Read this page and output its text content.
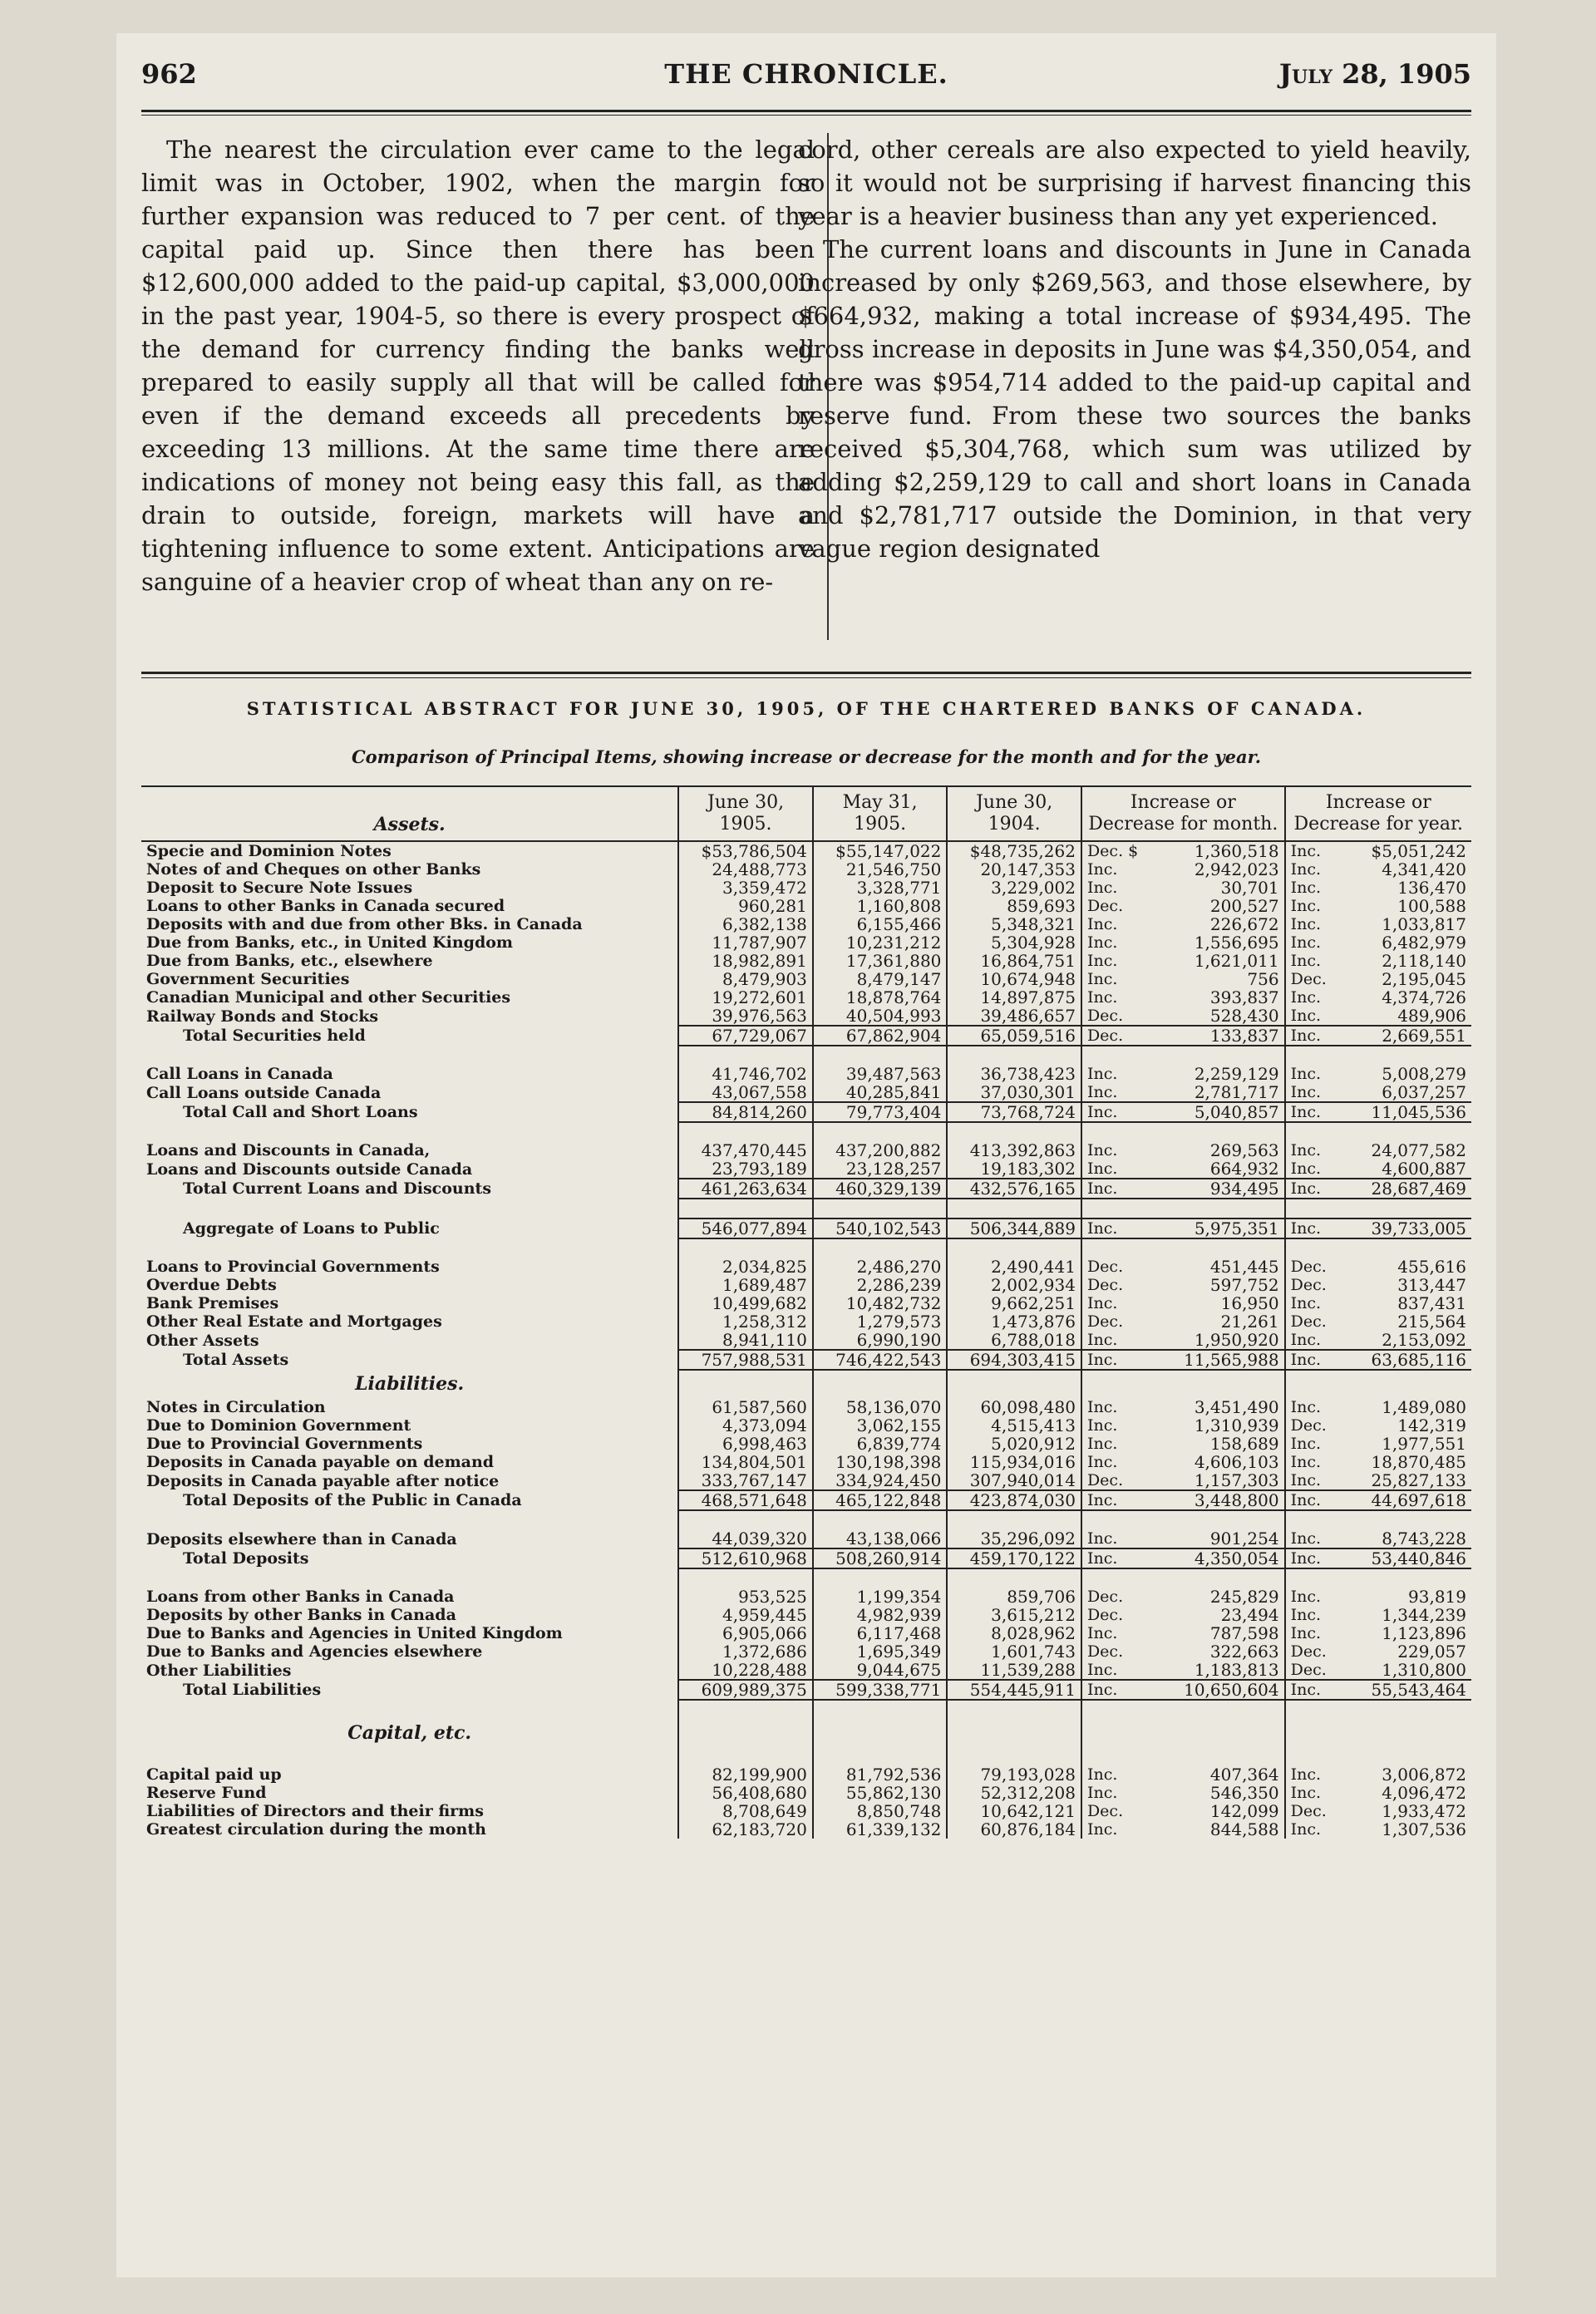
962	THE CHRONICLE.	July 28, 1905

The nearest the circulation ever came to the legal limit was in October, 1902, when the margin for further expansion was reduced to 7 per cent. of the capital paid up. Since then there has been $12,600,000 added to the paid-up capital, $3,000,000 in the past year, 1904-5, so there is every prospect of the demand for currency finding the banks well prepared to easily supply all that will be called for even if the demand exceeds all precedents by exceeding 13 millions. At the same time there are indications of money not being easy this fall, as the drain to outside, foreign, markets will have a tightening influence to some extent. Anticipations are sanguine of a heavier crop of wheat than any on re-

cord, other cereals are also expected to yield heavily, so it would not be surprising if harvest financing this year is a heavier business than any yet experienced.

The current loans and discounts in June in Canada increased by only $269,563, and those elsewhere, by $664,932, making a total increase of $934,495. The gross increase in deposits in June was $4,350,054, and there was $954,714 added to the paid-up capital and reserve fund. From these two sources the banks received $5,304,768, which sum was utilized by adding $2,259,129 to call and short loans in Canada and $2,781,717 outside the Dominion, in that very vague region designated

STATISTICAL ABSTRACT FOR JUNE 30, 1905, OF THE CHARTERED BANKS OF CANADA.
Comparison of Principal Items, showing increase or decrease for the month and for the year.
Assets.	June 30, 1905.	May 31, 1905.	June 30, 1904.	Increase or Decrease for month.		Increase or Decrease for year.	
Specie and Dominion Notes	$53,786,504	$55,147,022	$48,735,262	Dec. $	1,360,518	Inc.	$5,051,242
Notes of and Cheques on other Banks	24,488,773	21,546,750	20,147,353	Inc.	2,942,023	Inc.	4,341,420
Deposit to Secure Note Issues	3,359,472	3,328,771	3,229,002	Inc.	30,701	Inc.	136,470
Loans to other Banks in Canada secured	960,281	1,160,808	859,693	Dec.	200,527	Inc.	100,588
Deposits with and due from other Bks. in Canada	6,382,138	6,155,466	5,348,321	Inc.	226,672	Inc.	1,033,817
Due from Banks, etc., in United Kingdom	11,787,907	10,231,212	5,304,928	Inc.	1,556,695	Inc.	6,482,979
Due from Banks, etc., elsewhere	18,982,891	17,361,880	16,864,751	Inc.	1,621,011	Inc.	2,118,140
Government Securities	8,479,903	8,479,147	10,674,948	Inc.	756	Dec.	2,195,045
Canadian Municipal and other Securities	19,272,601	18,878,764	14,897,875	Inc.	393,837	Inc.	4,374,726
Railway Bonds and Stocks	39,976,563	40,504,993	39,486,657	Dec.	528,430	Inc.	489,906
Total Securities held	67,729,067	67,862,904	65,059,516	Dec.	133,837	Inc.	2,669,551

Call Loans in Canada	41,746,702	39,487,563	36,738,423	Inc.	2,259,129	Inc.	5,008,279
Call Loans outside Canada	43,067,558	40,285,841	37,030,301	Inc.	2,781,717	Inc.	6,037,257
Total Call and Short Loans	84,814,260	79,773,404	73,768,724	Inc.	5,040,857	Inc.	11,045,536

Loans and Discounts in Canada,	437,470,445	437,200,882	413,392,863	Inc.	269,563	Inc.	24,077,582
Loans and Discounts outside Canada	23,793,189	23,128,257	19,183,302	Inc.	664,932	Inc.	4,600,887
Total Current Loans and Discounts	461,263,634	460,329,139	432,576,165	Inc.	934,495	Inc.	28,687,469

Aggregate of Loans to Public	546,077,894	540,102,543	506,344,889	Inc.	5,975,351	Inc.	39,733,005

Loans to Provincial Governments	2,034,825	2,486,270	2,490,441	Dec.	451,445	Dec.	455,616
Overdue Debts	1,689,487	2,286,239	2,002,934	Dec.	597,752	Dec.	313,447
Bank Premises	10,499,682	10,482,732	9,662,251	Inc.	16,950	Inc.	837,431
Other Real Estate and Mortgages	1,258,312	1,279,573	1,473,876	Dec.	21,261	Dec.	215,564
Other Assets	8,941,110	6,990,190	6,788,018	Inc.	1,950,920	Inc.	2,153,092
Total Assets	757,988,531	746,422,543	694,303,415	Inc.	11,565,988	Inc.	63,685,116
Liabilities.							
Notes in Circulation	61,587,560	58,136,070	60,098,480	Inc.	3,451,490	Inc.	1,489,080
Due to Dominion Government	4,373,094	3,062,155	4,515,413	Inc.	1,310,939	Dec.	142,319
Due to Provincial Governments	6,998,463	6,839,774	5,020,912	Inc.	158,689	Inc.	1,977,551
Deposits in Canada payable on demand	134,804,501	130,198,398	115,934,016	Inc.	4,606,103	Inc.	18,870,485
Deposits in Canada payable after notice	333,767,147	334,924,450	307,940,014	Dec.	1,157,303	Inc.	25,827,133
Total Deposits of the Public in Canada	468,571,648	465,122,848	423,874,030	Inc.	3,448,800	Inc.	44,697,618

Deposits elsewhere than in Canada	44,039,320	43,138,066	35,296,092	Inc.	901,254	Inc.	8,743,228
Total Deposits	512,610,968	508,260,914	459,170,122	Inc.	4,350,054	Inc.	53,440,846

Loans from other Banks in Canada	953,525	1,199,354	859,706	Dec.	245,829	Inc.	93,819
Deposits by other Banks in Canada	4,959,445	4,982,939	3,615,212	Dec.	23,494	Inc.	1,344,239
Due to Banks and Agencies in United Kingdom	6,905,066	6,117,468	8,028,962	Inc.	787,598	Inc.	1,123,896
Due to Banks and Agencies elsewhere	1,372,686	1,695,349	1,601,743	Dec.	322,663	Dec.	229,057
Other Liabilities	10,228,488	9,044,675	11,539,288	Inc.	1,183,813	Dec.	1,310,800
Total Liabilities	609,989,375	599,338,771	554,445,911	Inc.	10,650,604	Inc.	55,543,464

Capital, etc.							

Capital paid up	82,199,900	81,792,536	79,193,028	Inc.	407,364	Inc.	3,006,872
Reserve Fund	56,408,680	55,862,130	52,312,208	Inc.	546,350	Inc.	4,096,472
Liabilities of Directors and their firms	8,708,649	8,850,748	10,642,121	Dec.	142,099	Dec.	1,933,472
Greatest circulation during the month	62,183,720	61,339,132	60,876,184	Inc.	844,588	Inc.	1,307,536
